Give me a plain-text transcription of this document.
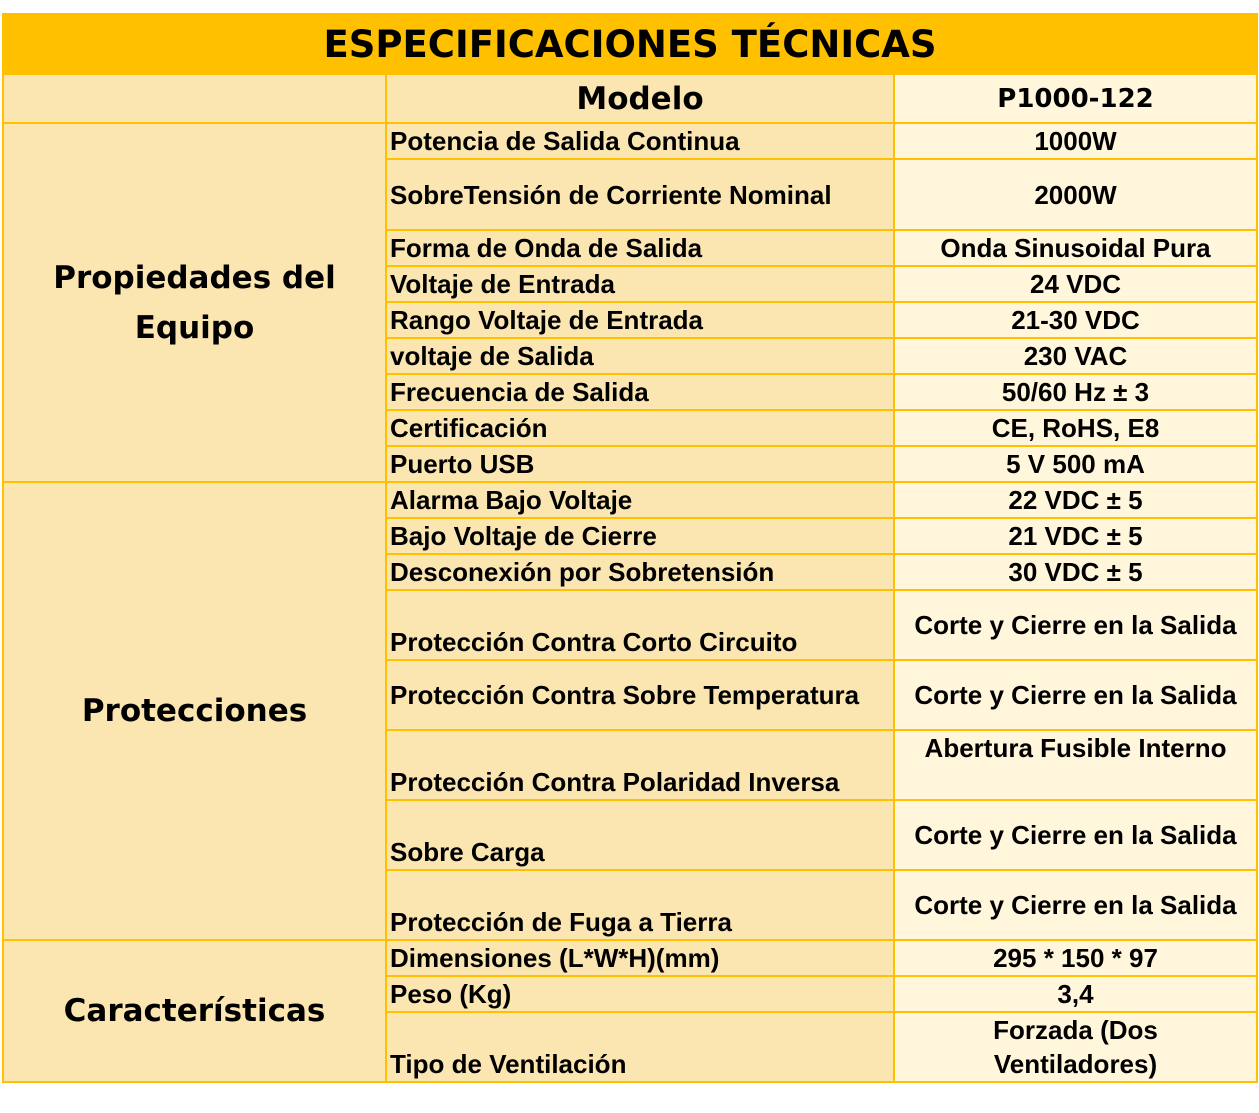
ESPECIFICACIONES TÉCNICAS		
	Modelo	P1000-122
Propiedades del Equipo	Potencia de Salida Continua	1000W
	SobreTensión de Corriente Nominal	2000W
	Forma de Onda de Salida	Onda Sinusoidal Pura
	Voltaje de Entrada	24 VDC
	Rango Voltaje de Entrada	21-30 VDC
	voltaje de Salida	230 VAC
	Frecuencia de Salida	50/60 Hz ± 3
	Certificación	CE, RoHS, E8
	Puerto USB	5 V 500 mA
Protecciones	Alarma Bajo Voltaje	22 VDC ± 5
	Bajo Voltaje de Cierre	21 VDC ± 5
	Desconexión por Sobretensión	30 VDC ± 5
	Protección Contra Corto Circuito	Corte y Cierre en la Salida
	Protección Contra Sobre Temperatura	Corte y Cierre en la Salida
	Protección Contra Polaridad Inversa	Abertura Fusible Interno
	Sobre Carga	Corte y Cierre en la Salida
	Protección de Fuga a Tierra	Corte y Cierre en la Salida
Características	Dimensiones (L*W*H)(mm)	295 * 150 * 97
	Peso (Kg)	3,4
	Tipo de Ventilación	Forzada (Dos Ventiladores)
